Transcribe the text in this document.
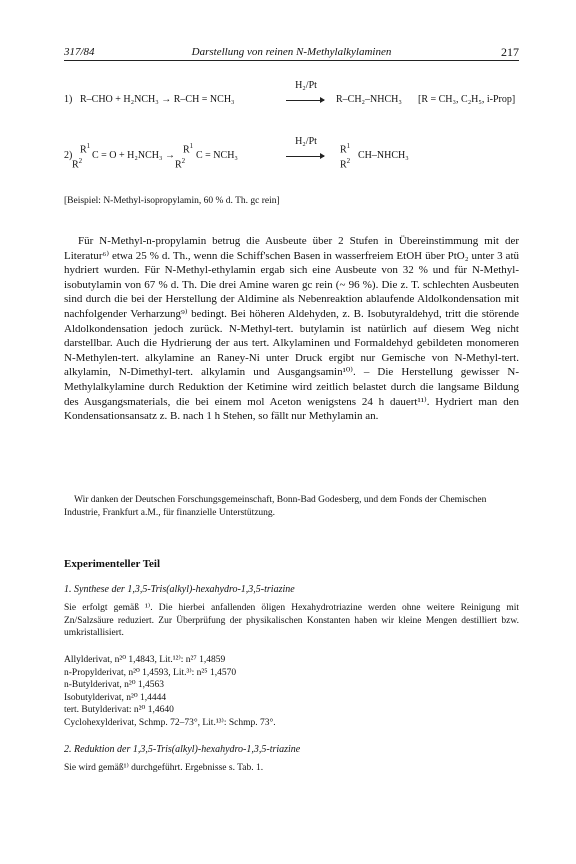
317/84	Darstellung von reinen N-Methylalkylaminen	217
1) R–CHO + H₂NCH₃ → R–CH = NCH₃
H₂/Pt
→ R–CH₂–NHCH₃ [R = CH₃, C₂H₅, i-Prop]
2)
$R^1$
$R^2$ C = O + H₂NCH₃ →
$R^1$
$R^2$ C = NCH₃
H₂/Pt
$R^1$
$R^2$ CH–NHCH₃
[Beispiel: N-Methyl-isopropylamin, 60 % d. Th. gc rein]

Für N-Methyl-n-propylamin betrug die Ausbeute über 2 Stufen in Übereinstimmung mit der Literatur⁶⁾ etwa 25 % d. Th., wenn die Schiff'schen Basen in wasserfreiem EtOH über PtO₂ unter 3 atü hydriert wurden. Für N-Methyl-ethylamin ergab sich eine Ausbeute von 32 % und für N-Methyl-isobutylamin von 67 % d. Th. Die drei Amine waren gc rein (~ 96 %). Die z. T. schlechten Ausbeuten sind durch die bei der Herstellung der Aldimine als Nebenreaktion ablaufende Aldolkondensation mit nachfolgender Verharzung⁹⁾ bedingt. Bei höheren Aldehyden, z. B. Isobutyraldehyd, tritt die störende Aldolkondensation jedoch zurück. N-Methyl-tert. butylamin ist natürlich auf diesem Weg nicht darstellbar. Auch die Hydrierung der aus tert. Alkylaminen und Formaldehyd gebildeten monomeren N-Methylen-tert. alkylamine an Raney-Ni unter Druck ergibt nur Gemische von N-Methyl-tert. alkylamin, N-Dimethyl-tert. alkylamin und Ausgangsamin¹⁰⁾. – Die Herstellung gewisser N-Methylalkylamine durch Reduktion der Ketimine wird zeitlich belastet durch die langsame Bildung des Ausgangsmaterials, die bei einem mol Aceton wenigstens 24 h dauert¹¹⁾. Hydriert man den Kondensationsansatz z. B. nach 1 h Stehen, so fällt nur Methylamin an.

Wir danken der Deutschen Forschungsgemeinschaft, Bonn-Bad Godesberg, und dem Fonds der Chemischen Industrie, Frankfurt a.M., für finanzielle Unterstützung.

Experimenteller Teil
1. Synthese der 1,3,5-Tris(alkyl)-hexahydro-1,3,5-triazine
Sie erfolgt gemäß ¹⁾. Die hierbei anfallenden öligen Hexahydrotriazine werden ohne weitere Reinigung mit Zn/Salzsäure reduziert. Zur Überprüfung der physikalischen Konstanten haben wir kleine Mengen destilliert bzw. umkristallisiert.
Allylderivat, n²⁰ 1,4843, Lit.¹²⁾: n²⁷ 1,4859
n-Propylderivat, n²⁰ 1,4593, Lit.³⁾: n²⁵ 1,4570
n-Butylderivat, n²⁰ 1,4563
Isobutylderivat, n²⁰ 1,4444
tert. Butylderivat: n²⁰ 1,4640
Cyclohexylderivat, Schmp. 72–73°, Lit.¹³⁾: Schmp. 73°.
2. Reduktion der 1,3,5-Tris(alkyl)-hexahydro-1,3,5-triazine
Sie wird gemäß¹⁾ durchgeführt. Ergebnisse s. Tab. 1.
